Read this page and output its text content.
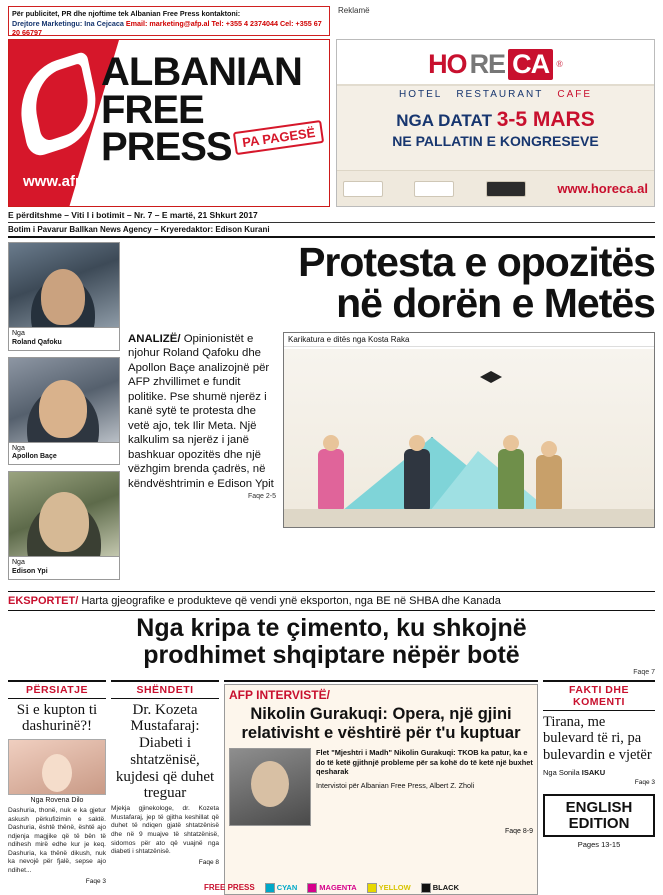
Për publicitet, PR dhe njoftime tek Albanian Free Press kontaktoni:
Drejtore Marketingu: Ina Cejcaca Email: marketing@afp.al Tel: +355 4 2374044 Cel: +355 67 20 66797
Reklamë
ALBANIAN
FREE
PRESS PA PAGESË
www.afp.al
HO RE CA ®
HOTEL RESTAURANT CAFE
NGA DATAT 3-5 MARS
NE PALLATIN E KONGRESEVE
www.horeca.al
E përditshme – Viti I i botimit – Nr. 7 – E martë, 21 Shkurt 2017
Botim i Pavarur Ballkan News Agency – Kryeredaktor: Edison Kurani
Nga
Roland Qafoku
Nga
Apollon Baçe
Nga
Edison Ypi
Protesta e opozitës
në dorën e Metës
ANALIZË/ Opinionistët e njohur Roland Qafoku dhe Apollon Baçe analizojnë për AFP zhvillimet e fundit politike. Pse shumë njerëz i kanë sytë te protesta dhe vetë ajo, tek Ilir Meta. Një kalkulim sa njerëz i janë bashkuar opozitës dhe një vëzhgim brenda çadrës, në këndvështrimin e Edison Ypit
Faqe 2-5
Karikatura e ditës nga Kosta Raka
EKSPORTET/ Harta gjeografike e produkteve që vendi ynë eksporton, nga BE në SHBA dhe Kanada
Nga kripa te çimento, ku shkojnë
prodhimet shqiptare nëpër botë
Faqe 7
PËRSIATJE
Si e kupton ti dashurinë?!
Nga Rovena Dilo
Dashuria, thonë, nuk e ka gjetur askush përkufizimin e saktë. Dashuria, është thënë, është ajo ndjenja magjike që të bën të ndihesh mirë edhe kur je keq. Dashuria, ka thënë dikush, nuk ka nevojë për fjalë, sepse ajo ndihet...
Faqe 3
SHËNDETI
Dr. Kozeta Mustafaraj: Diabeti i shtatzënisë, kujdesi që duhet treguar
Mjekja gjinekologe, dr. Kozeta Mustafaraj, jep të gjitha keshillat që duhet të ndiqen gjatë shtatzënisë dhe në 9 muajve të shtatzënisë, sidomos për ato që vuajnë nga diabeti i shtatzënisë.
Faqe 8
AFP INTERVISTË/
Nikolin Gurakuqi: Opera, një gjini relativisht e vështirë për t'u kuptuar
Flet "Mjeshtri i Madh" Nikolin Gurakuqi: TKOB ka patur, ka e do të ketë gjithnjë probleme për sa kohë do të ketë një buxhet qesharak
Intervistoi për Albanian Free Press, Albert Z. Zholi
Faqe 8-9
FAKTI DHE KOMENTI
Tirana, me bulevard të ri, pa bulevardin e vjetër
Nga Sonila ISAKU
Faqe 3
ENGLISH
EDITION
Pages 13-15
FREE PRESS	CYAN	MAGENTA	YELLOW	BLACK
